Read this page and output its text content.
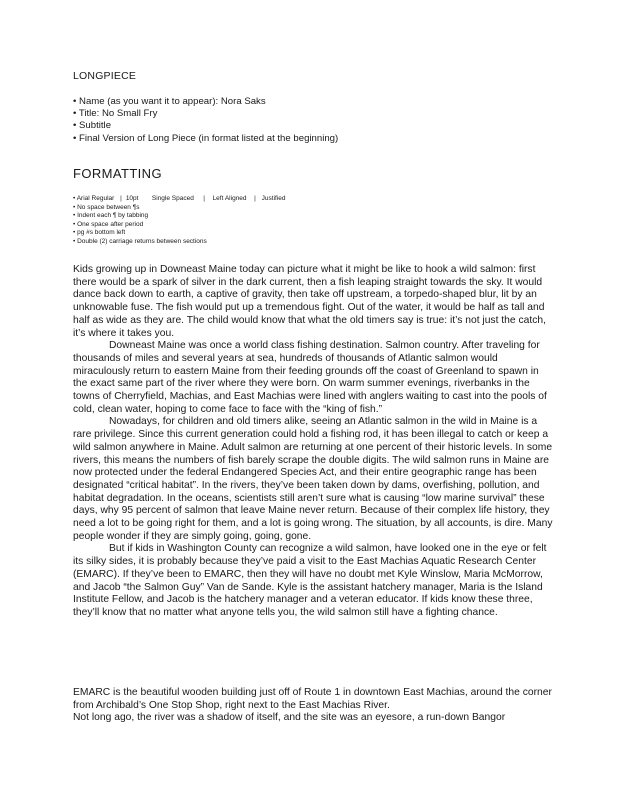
LONGPIECE
• Name (as you want it to appear): Nora Saks
• Title: No Small Fry
• Subtitle
• Final Version of Long Piece (in format listed at the beginning)
FORMATTING
• Arial Regular | 10pt Single Spaced   |  Left Aligned  | Justified
• No space between ¶s
• Indent each ¶ by tabbing
• One space after period
• pg #s bottom left
• Double (2) carriage returns between sections

Kids growing up in Downeast Maine today can picture what it might be like to hook a wild salmon: first there would be a spark of silver in the dark current, then a fish leaping straight towards the sky. It would dance back down to earth, a captive of gravity, then take off upstream, a torpedo-shaped blur, lit by an unknowable fuse. The fish would put up a tremendous fight. Out of the water, it would be half as tall and half as wide as they are. The child would know that what the old timers say is true: it’s not just the catch, it’s where it takes you.

Downeast Maine was once a world class fishing destination. Salmon country. After traveling for thousands of miles and several years at sea, hundreds of thousands of Atlantic salmon would miraculously return to eastern Maine from their feeding grounds off the coast of Greenland to spawn in the exact same part of the river where they were born. On warm summer evenings, riverbanks in the towns of Cherryfield, Machias, and East Machias were lined with anglers waiting to cast into the pools of cold, clean water, hoping to come face to face with the “king of fish.”

Nowadays, for children and old timers alike, seeing an Atlantic salmon in the wild in Maine is a rare privilege. Since this current generation could hold a fishing rod, it has been illegal to catch or keep a wild salmon anywhere in Maine. Adult salmon are returning at one percent of their historic levels. In some rivers, this means the numbers of fish barely scrape the double digits. The wild salmon runs in Maine are now protected under the federal Endangered Species Act, and their entire geographic range has been designated “critical habitat”. In the rivers, they’ve been taken down by dams, overfishing, pollution, and habitat degradation. In the oceans, scientists still aren’t sure what is causing “low marine survival” these days, why 95 percent of salmon that leave Maine never return. Because of their complex life history, they need a lot to be going right for them, and a lot is going wrong. The situation, by all accounts, is dire. Many people wonder if they are simply going, going, gone.

But if kids in Washington County can recognize a wild salmon, have looked one in the eye or felt its silky sides, it is probably because they’ve paid a visit to the East Machias Aquatic Research Center (EMARC). If they’ve been to EMARC, then they will have no doubt met Kyle Winslow, Maria McMorrow, and Jacob “the Salmon Guy” Van de Sande. Kyle is the assistant hatchery manager, Maria is the Island Institute Fellow, and Jacob is the hatchery manager and a veteran educator. If kids know these three, they’ll know that no matter what anyone tells you, the wild salmon still have a fighting chance.

EMARC is the beautiful wooden building just off of Route 1 in downtown East Machias, around the corner from Archibald’s One Stop Shop, right next to the East Machias River.

Not long ago, the river was a shadow of itself, and the site was an eyesore, a run-down Bangor
